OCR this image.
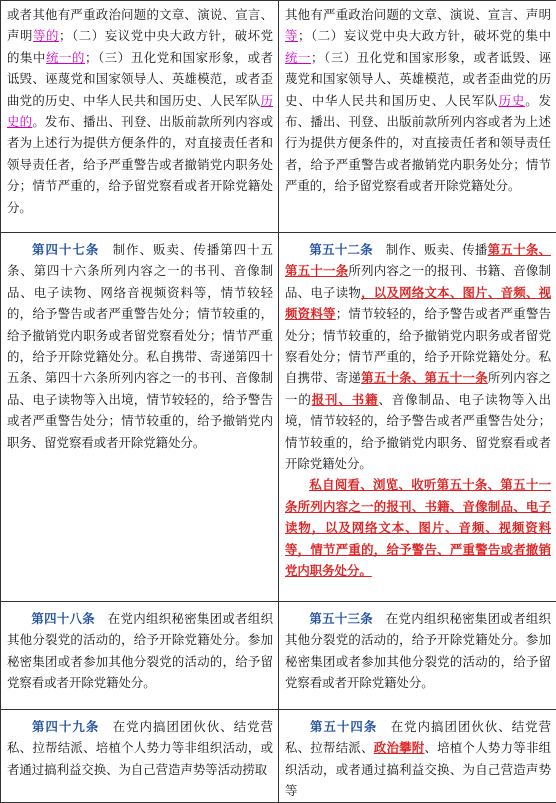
或者其他有严重政治问题的文章、演说、宣言、声明等的；（二）妄议党中央大政方针，破坏党的集中统一的；（三）丑化党和国家形象，或者诋毁、诬蔑党和国家领导人、英雄模范，或者歪曲党的历史、中华人民共和国历史、人民军队历史的。发布、播出、刊登、出版前款所列内容或者为上述行为提供方便条件的，对直接责任者和领导责任者，给予严重警告或者撤销党内职务处分；情节严重的，给予留党察看或者开除党籍处分。	其他有严重政治问题的文章、演说、宣言、声明等；（二）妄议党中央大政方针，破坏党的集中统一；（三）丑化党和国家形象，或者诋毁、诬蔑党和国家领导人、英雄模范，或者歪曲党的历史、中华人民共和国历史、人民军队历史。发布、播出、刊登、出版前款所列内容或者为上述行为提供方便条件的，对直接责任者和领导责任者，给予严重警告或者撤销党内职务处分；情节严重的，给予留党察看或者开除党籍处分。

第四十七条　制作、贩卖、传播第四十五条、第四十六条所列内容之一的书刊、音像制品、电子读物、网络音视频资料等，情节较轻的，给予警告或者严重警告处分；情节较重的，给予撤销党内职务或者留党察看处分；情节严重的，给予开除党籍处分。私自携带、寄递第四十五条、第四十六条所列内容之一的书刊、音像制品、电子读物等入出境，情节较轻的，给予警告或者严重警告处分；情节较重的，给予撤销党内职务、留党察看或者开除党籍处分。	第五十二条　制作、贩卖、传播第五十条、第五十一条所列内容之一的报刊、书籍、音像制品、电子读物，以及网络文本、图片、音频、视频资料等；情节较轻的，给予警告或者严重警告处分；情节较重的，给予撤销党内职务或者留党察看处分；情节严重的，给予开除党籍处分。私自携带、寄递第五十条、第五十一条所列内容之一的报刊、书籍、音像制品、电子读物等入出境，情节较轻的，给予警告或者严重警告处分；情节较重的，给予撤销党内职务、留党察看或者开除党籍处分。
私自阅看、浏览、收听第五十条、第五十一条所列内容之一的报刊、书籍、音像制品、电子读物，以及网络文本、图片、音频、视频资料等，情节严重的，给予警告、严重警告或者撤销党内职务处分。

第四十八条　在党内组织秘密集团或者组织其他分裂党的活动的，给予开除党籍处分。参加秘密集团或者参加其他分裂党的活动的，给予留党察看或者开除党籍处分。	第五十三条　在党内组织秘密集团或者组织其他分裂党的活动的，给予开除党籍处分。参加秘密集团或者参加其他分裂党的活动的，给予留党察看或者开除党籍处分。

第四十九条　在党内搞团团伙伙、结党营私、拉帮结派、培植个人势力等非组织活动，或者通过搞利益交换、为自己营造声势等活动捞取	第五十四条　在党内搞团团伙伙、结党营私、拉帮结派、政治攀附、培植个人势力等非组织活动，或者通过搞利益交换、为自己营造声势等
